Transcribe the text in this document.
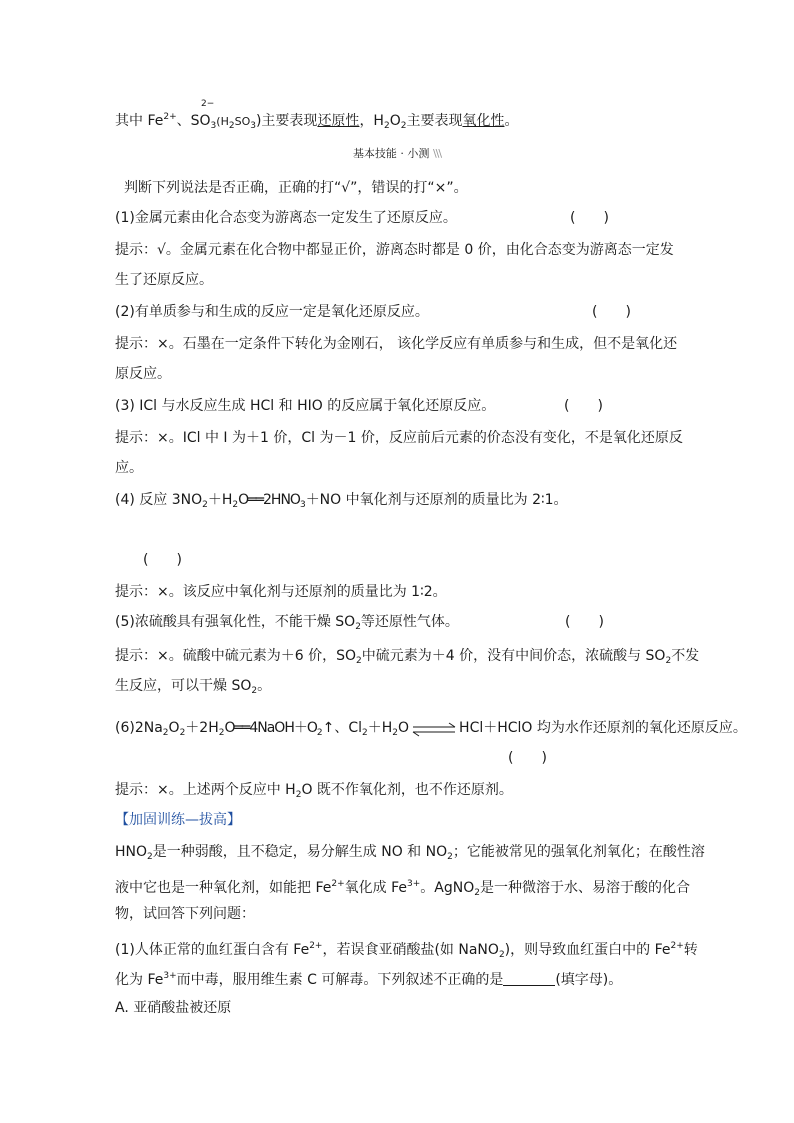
其中 $Fe^{2+}$、$SO_3(H_2SO_3)$主要表现还原性，$H_2O_2$主要表现氧化性。
2−
基本技能 · 小测 \\\
判断下列说法是否正确，正确的打“√”，错误的打“×”。
(1)金属元素由化合态变为游离态一定发生了还原反应。	(　　)
提示：√。金属元素在化合物中都显正价，游离态时都是 0 价，由化合态变为游离态一定发
生了还原反应。
(2)有单质参与和生成的反应一定是氧化还原反应。	(　　)
提示：×。石墨在一定条件下转化为金刚石， 该化学反应有单质参与和生成，但不是氧化还
原反应。
(3) ICl 与水反应生成 HCl 和 HIO 的反应属于氧化还原反应。	(　　)
提示：×。ICl 中 I 为＋1 价，Cl 为－1 价，反应前后元素的价态没有变化，不是氧化还原反
应。
(4) 反应 $3NO_2+H_2O══2HNO_3+NO$ 中氧化剂与还原剂的质量比为 2∶1。
(　　)
提示：×。该反应中氧化剂与还原剂的质量比为 1∶2。
(5)浓硫酸具有强氧化性，不能干燥 $SO_2$等还原性气体。	(　　)
提示：×。硫酸中硫元素为＋6 价，$SO_2$中硫元素为＋4 价，没有中间价态，浓硫酸与 $SO_2$不发
生反应，可以干燥 $SO_2$。
$(6)2Na_2O_2+2H_2O══4NaOH+O_2↑$、$Cl_2+H_2O$ ⇌ HCl＋HClO 均为水作还原剂的氧化还原反应。
(　　)
提示：×。上述两个反应中 $H_2O$ 既不作氧化剂，也不作还原剂。
【加固训练—拔高】
$HNO_2$是一种弱酸，且不稳定，易分解生成 NO 和 $NO_2$；它能被常见的强氧化剂氧化；在酸性溶
液中它也是一种氧化剂，如能把 $Fe^{2+}$氧化成 $Fe^{3+}$。AgNO$_2$是一种微溶于水、易溶于酸的化合
物，试回答下列问题：
(1)人体正常的血红蛋白含有 $Fe^{2+}$，若误食亚硝酸盐(如 NaNO$_2$)，则导致血红蛋白中的 $Fe^{2+}$转
化为 $Fe^{3+}$而中毒，服用维生素 C 可解毒。下列叙述不正确的是	(填字母)。
A. 亚硝酸盐被还原
